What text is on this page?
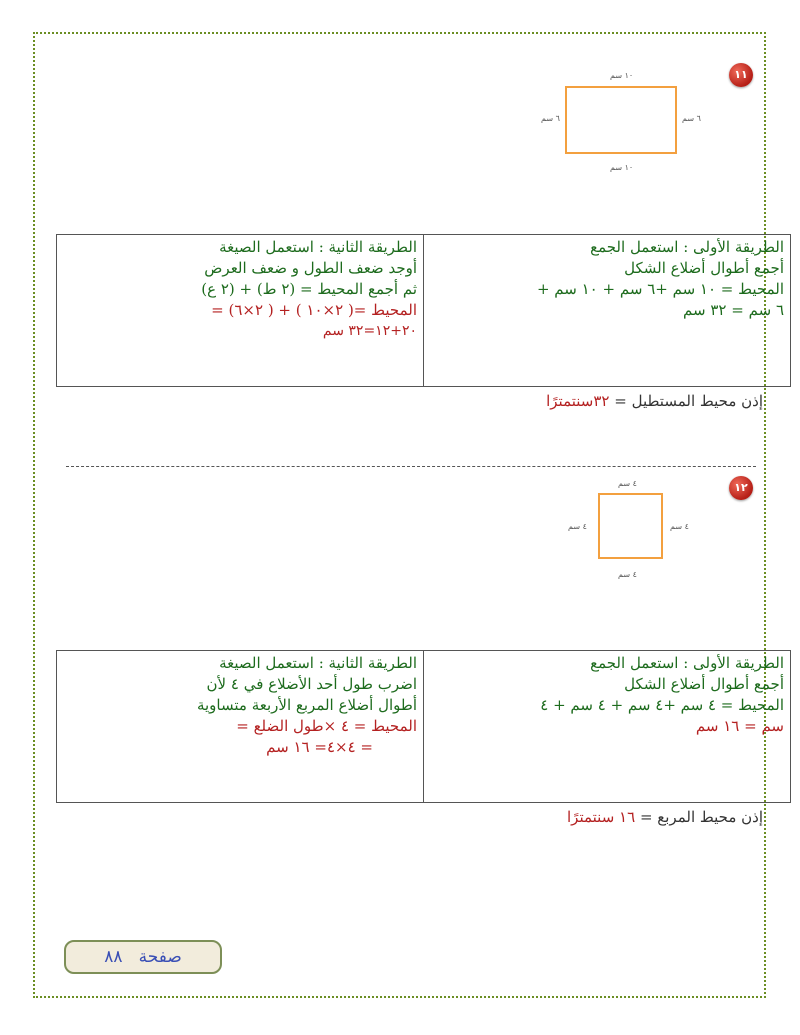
١١
١٠ سم
١٠ سم
٦ سم	٦ سم
الطريقة الثانية : استعمل الصيغة
أوجد ضعف الطول و ضعف العرض
ثم أجمع المحيط = (٢ ط) + (٢ ع)
المحيط =( ٢×١٠ ) + ( ٢×٦) =
٢٠+١٢=٣٢ سم

الطريقة الأولى : استعمل الجمع
أجمع أطوال أضلاع الشكل
المحيط = ١٠ سم +٦ سم + ١٠ سم +
٦ سم = ٣٢ سم
إذن محيط المستطيل = ٣٢سنتمترًا
١٢
٤ سم
٤ سم
٤ سم	٤ سم
الطريقة الثانية : استعمل الصيغة
اضرب طول أحد الأضلاع في ٤ لأن
أطوال أضلاع المربع الأربعة متساوية
المحيط = ٤ ×طول الضلع =
= ٤×٤= ١٦ سم

الطريقة الأولى : استعمل الجمع
أجمع أطوال أضلاع الشكل
المحيط = ٤ سم +٤ سم + ٤ سم + ٤
سم = ١٦ سم
إذن محيط المربع = ١٦ سنتمترًا
صفحة   ٨٨
